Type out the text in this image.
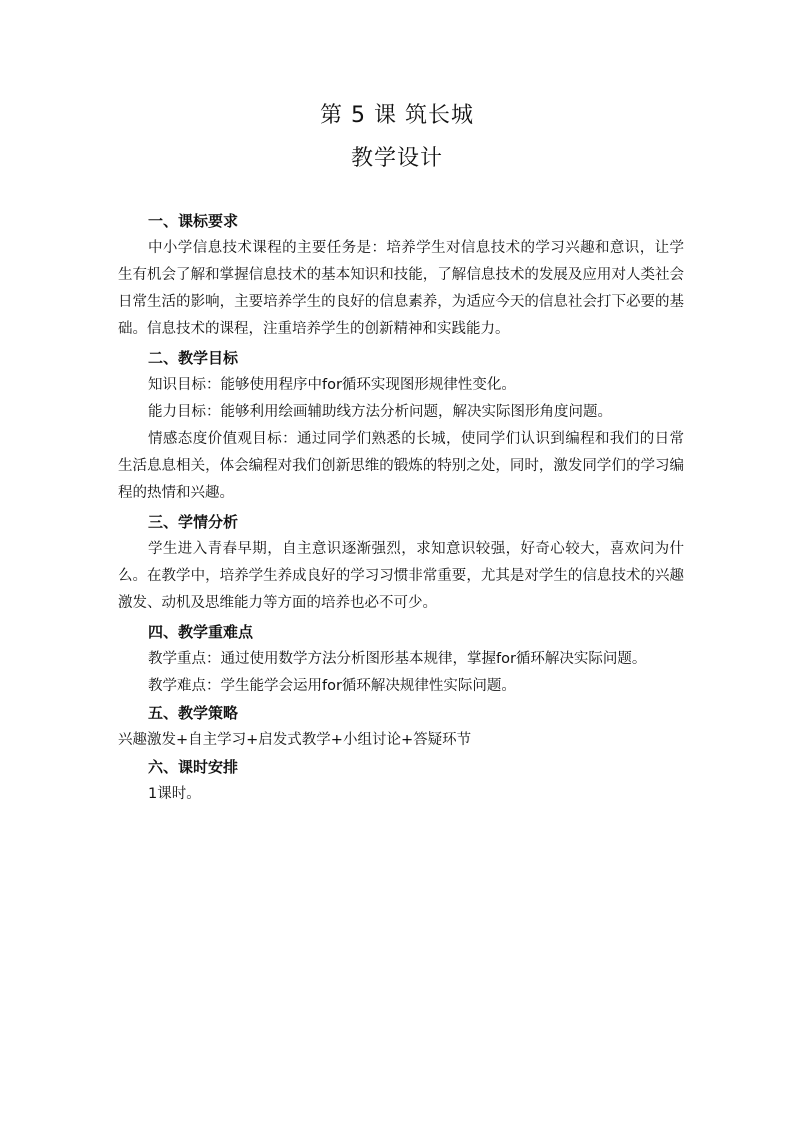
第 5 课 筑长城
教学设计
一、课标要求

中小学信息技术课程的主要任务是：培养学生对信息技术的学习兴趣和意识，让学生有机会了解和掌握信息技术的基本知识和技能，了解信息技术的发展及应用对人类社会日常生活的影响，主要培养学生的良好的信息素养，为适应今天的信息社会打下必要的基础。信息技术的课程，注重培养学生的创新精神和实践能力。

二、教学目标

知识目标：能够使用程序中for循环实现图形规律性变化。

能力目标：能够利用绘画辅助线方法分析问题，解决实际图形角度问题。

情感态度价值观目标：通过同学们熟悉的长城，使同学们认识到编程和我们的日常生活息息相关，体会编程对我们创新思维的锻炼的特别之处，同时，激发同学们的学习编程的热情和兴趣。

三、学情分析

学生进入青春早期，自主意识逐渐强烈，求知意识较强，好奇心较大，喜欢问为什么。在教学中，培养学生养成良好的学习习惯非常重要，尤其是对学生的信息技术的兴趣激发、动机及思维能力等方面的培养也必不可少。

四、教学重难点

教学重点：通过使用数学方法分析图形基本规律，掌握for循环解决实际问题。

教学难点：学生能学会运用for循环解决规律性实际问题。

五、教学策略

兴趣激发+自主学习+启发式教学+小组讨论+答疑环节

六、课时安排

1课时。
